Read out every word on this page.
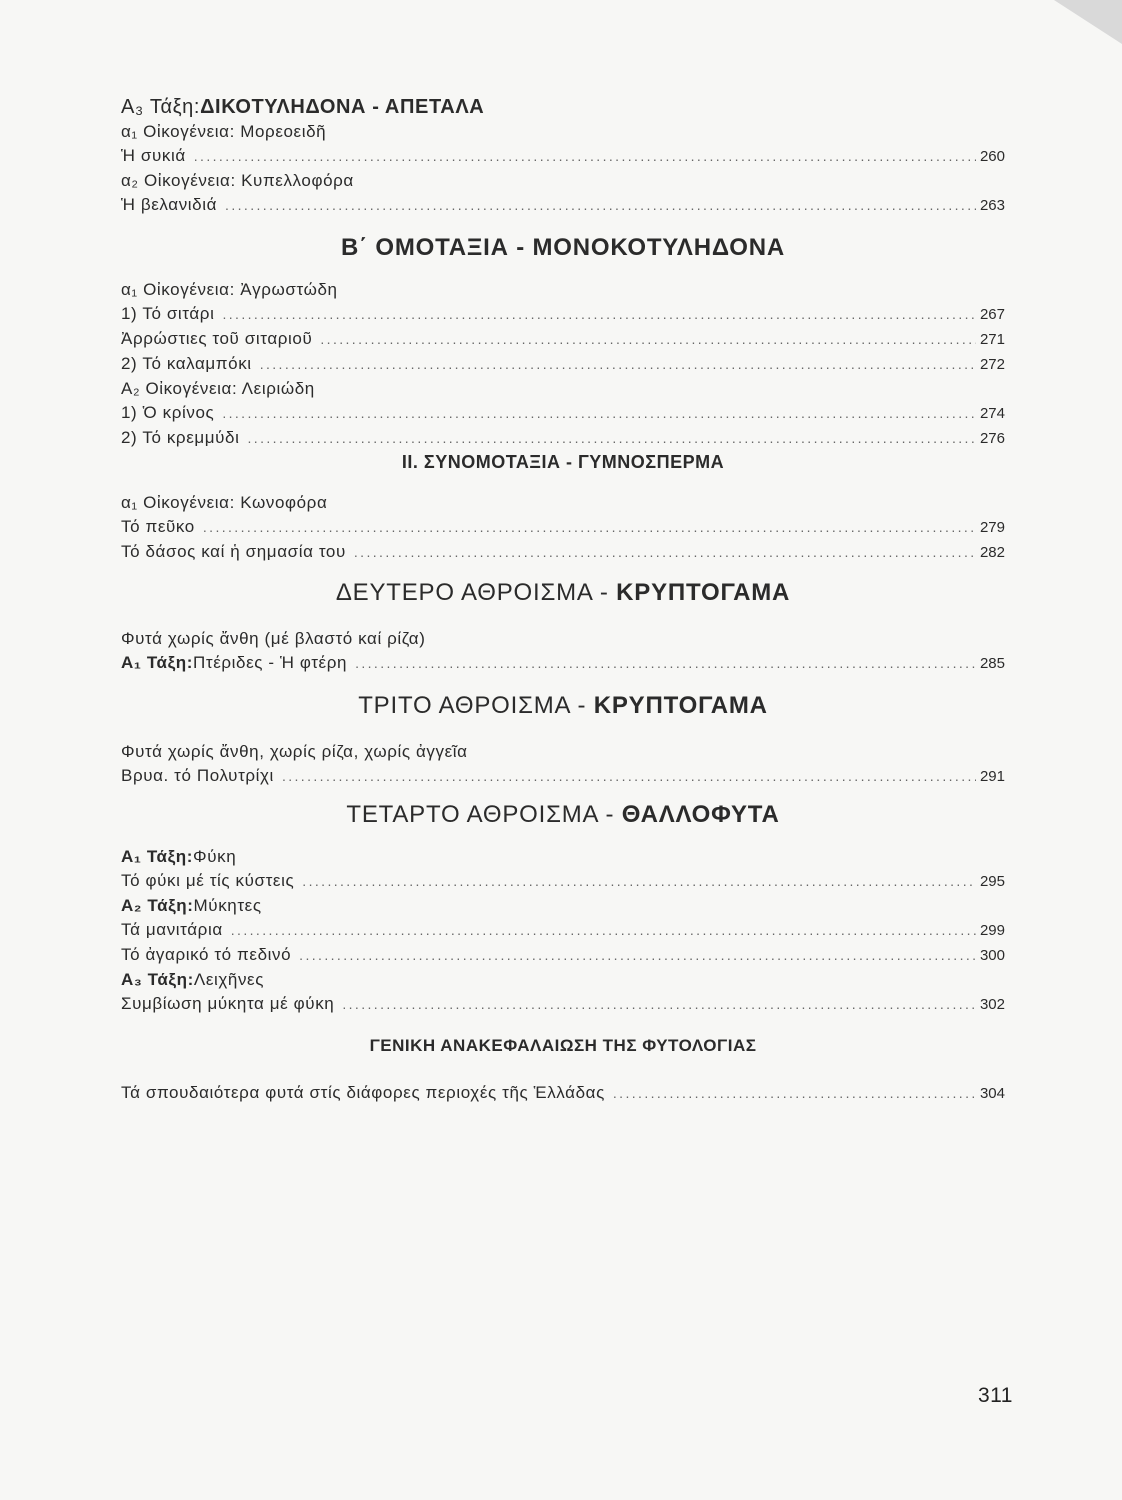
A₃ Τάξη: ΔΙΚΟΤΥΛΗΔΟΝΑ - ΑΠΕΤΑΛΑ
α₁ Οἰκογένεια: Μορεοειδῆ
Ἡ συκιά .....	260
α₂ Οἰκογένεια: Κυπελλοφόρα
Ἡ βελανιδιά .....	263
Β΄ ΟΜΟΤΑΞΙΑ - ΜΟΝΟΚΟΤΥΛΗΔΟΝΑ
α₁ Οἰκογένεια: Ἀγρωστώδη
1) Τό σιτάρι .....	267
Ἀρρώστιες τοῦ σιταριοῦ .....	271
2) Τό καλαμπόκι .....	272
A₂ Οἰκογένεια: Λειριώδη
1) Ὁ κρίνος .....	274
2) Τό κρεμμύδι .....	276
II. ΣΥΝΟΜΟΤΑΞΙΑ - ΓΥΜΝΟΣΠΕΡΜΑ
α₁ Οἰκογένεια: Κωνοφόρα
Τό πεῦκο .....	279
Τό δάσος καί ἡ σημασία του .....	282
ΔΕΥΤΕΡΟ ΑΘΡΟΙΣΜΑ - ΚΡΥΠΤΟΓΑΜΑ
Φυτά χωρίς ἄνθη (μέ βλαστό καί ρίζα)
A₁ Τάξη: Πτέριδες - Ἡ φτέρη .....	285
ΤΡΙΤΟ ΑΘΡΟΙΣΜΑ - ΚΡΥΠΤΟΓΑΜΑ
Φυτά χωρίς ἄνθη, χωρίς ρίζα, χωρίς ἀγγεῖα
Βρυα. τό Πολυτρίχι .....	291
ΤΕΤΑΡΤΟ ΑΘΡΟΙΣΜΑ - ΘΑΛΛΟΦΥΤΑ
A₁ Τάξη: Φύκη
Τό φύκι μέ τίς κύστεις .....	295
A₂ Τάξη: Μύκητες
Τά μανιτάρια .....	299
Τό ἀγαρικό τό πεδινό .....	300
A₃ Τάξη: Λειχῆνες
Συμβίωση μύκητα μέ φύκη .....	302
ΓΕΝΙΚΗ ΑΝΑΚΕΦΑΛΑΙΩΣΗ ΤΗΣ ΦΥΤΟΛΟΓΙΑΣ
Τά σπουδαιότερα φυτά στίς διάφορες περιοχές τῆς Ἑλλάδας .....	304
311
